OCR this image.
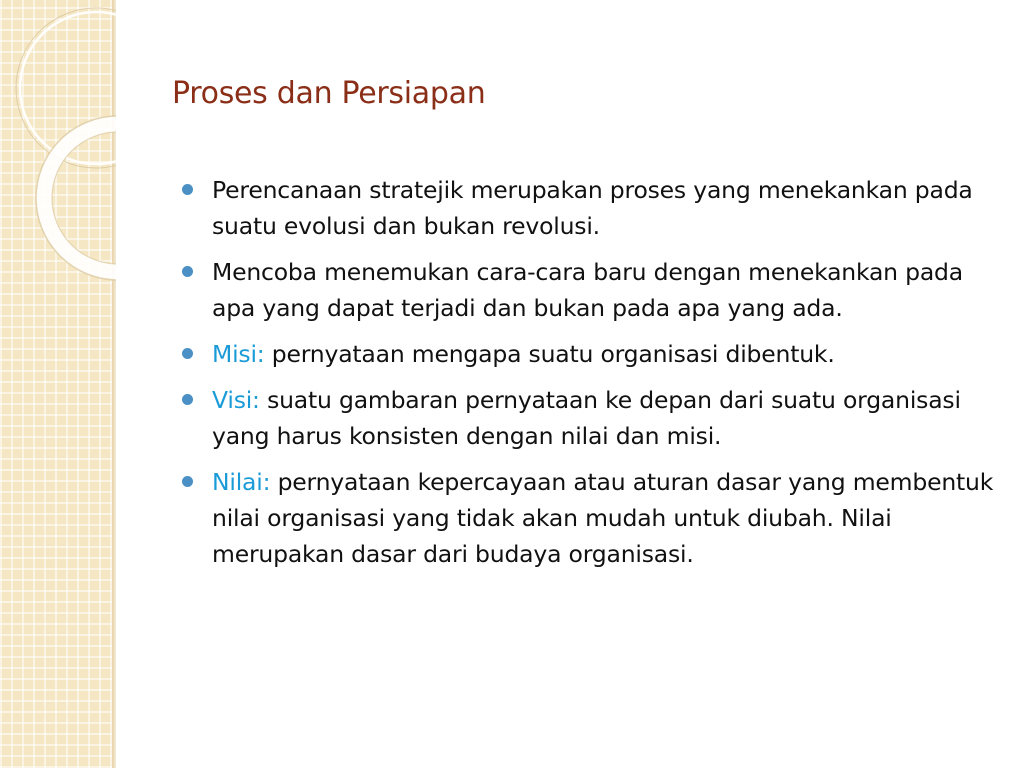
Proses dan Persiapan
Perencanaan stratejik merupakan proses yang menekankan pada suatu evolusi dan bukan revolusi.
Mencoba menemukan cara-cara baru dengan menekankan pada apa yang dapat terjadi dan bukan pada apa yang ada.
Misi: pernyataan mengapa suatu organisasi dibentuk.
Visi: suatu gambaran pernyataan ke depan dari suatu organisasi yang harus konsisten dengan nilai dan misi.
Nilai: pernyataan kepercayaan atau aturan dasar yang membentuk nilai organisasi yang tidak akan mudah untuk diubah. Nilai merupakan dasar dari budaya organisasi.
